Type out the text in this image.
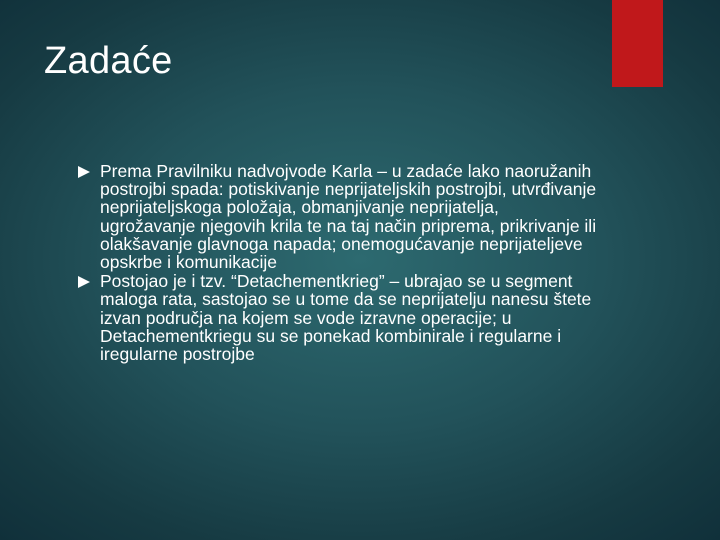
Zadaće
Prema Pravilniku nadvojvode Karla – u zadaće lako naoružanih postrojbi spada: potiskivanje neprijateljskih postrojbi, utvrđivanje neprijateljskoga položaja, obmanjivanje neprijatelja, ugrožavanje njegovih krila te na taj način priprema, prikrivanje ili olakšavanje glavnoga napada; onemogućavanje neprijateljeve opskrbe i komunikacije
Postojao je i tzv. “Detachementkrieg” – ubrajao se u segment maloga rata, sastojao se u tome da se neprijatelju nanesu štete izvan područja na kojem se vode izravne operacije; u Detachementkriegu su se ponekad kombinirale i regularne i iregularne postrojbe
